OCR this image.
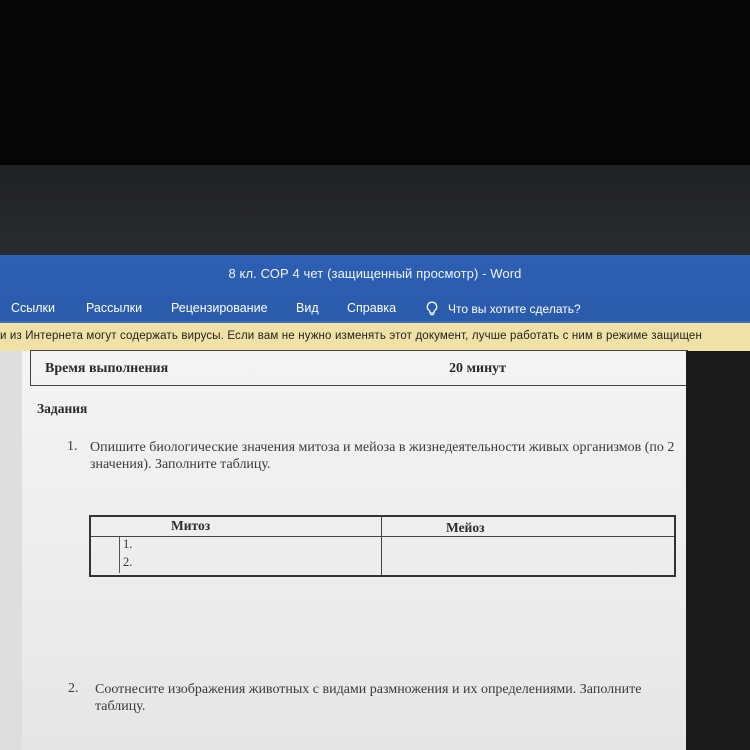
8 кл. СОР 4 чет (защищенный просмотр) - Word
Ссылки Рассылки Рецензирование Вид Справка	Что вы хотите сделать?
и из Интернета могут содержать вирусы. Если вам не нужно изменять этот документ, лучше работать с ним в режиме защищен
Время выполнения	20 минут
Задания
1. Опишите биологические значения митоза и мейоза в жизнедеятельности живых организмов (по 2 значения). Заполните таблицу.
Митоз	Мейоз
1.
2.
2. Соотнесите изображения животных с видами размножения и их определениями. Заполните таблицу.
